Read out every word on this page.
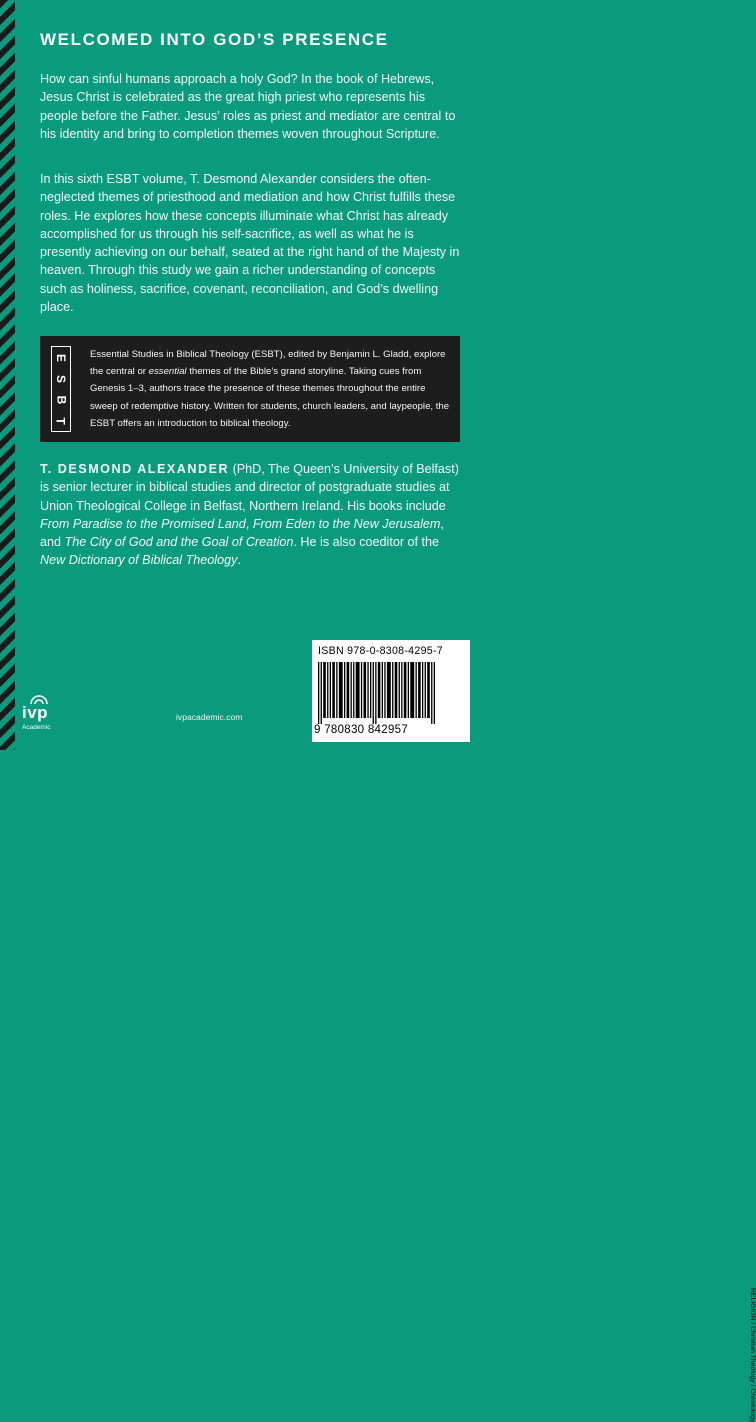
WELCOMED INTO GOD’S PRESENCE

How can sinful humans approach a holy God? In the book of Hebrews, Jesus Christ is celebrated as the great high priest who represents his people before the Father. Jesus’ roles as priest and mediator are central to his identity and bring to completion themes woven throughout Scripture.

In this sixth ESBT volume, T. Desmond Alexander considers the often-neglected themes of priesthood and mediation and how Christ fulfills these roles. He explores how these concepts illuminate what Christ has already accomplished for us through his self-sacrifice, as well as what he is presently achieving on our behalf, seated at the right hand of the Majesty in heaven. Through this study we gain a richer understanding of concepts such as holiness, sacrifice, covenant, reconciliation, and God’s dwelling place.

E
S
B
T

Essential Studies in Biblical Theology (ESBT), edited by Benjamin L. Gladd, explore the central or essential themes of the Bible’s grand storyline. Taking cues from Genesis 1–3, authors trace the presence of these themes throughout the entire sweep of redemptive history. Written for students, church leaders, and laypeople, the ESBT offers an introduction to biblical theology.

T. DESMOND ALEXANDER (PhD, The Queen’s University of Belfast) is senior lecturer in biblical studies and director of postgraduate studies at Union Theological College in Belfast, Northern Ireland. His books include From Paradise to the Promised Land, From Eden to the New Jerusalem, and The City of God and the Goal of Creation. He is also coeditor of the New Dictionary of Biblical Theology.

ivp

Academic

ivpacademic.com

ISBN 978-0-8308-4295-7
9 780830 842957
RELIGION / Christian Theology / Christology
